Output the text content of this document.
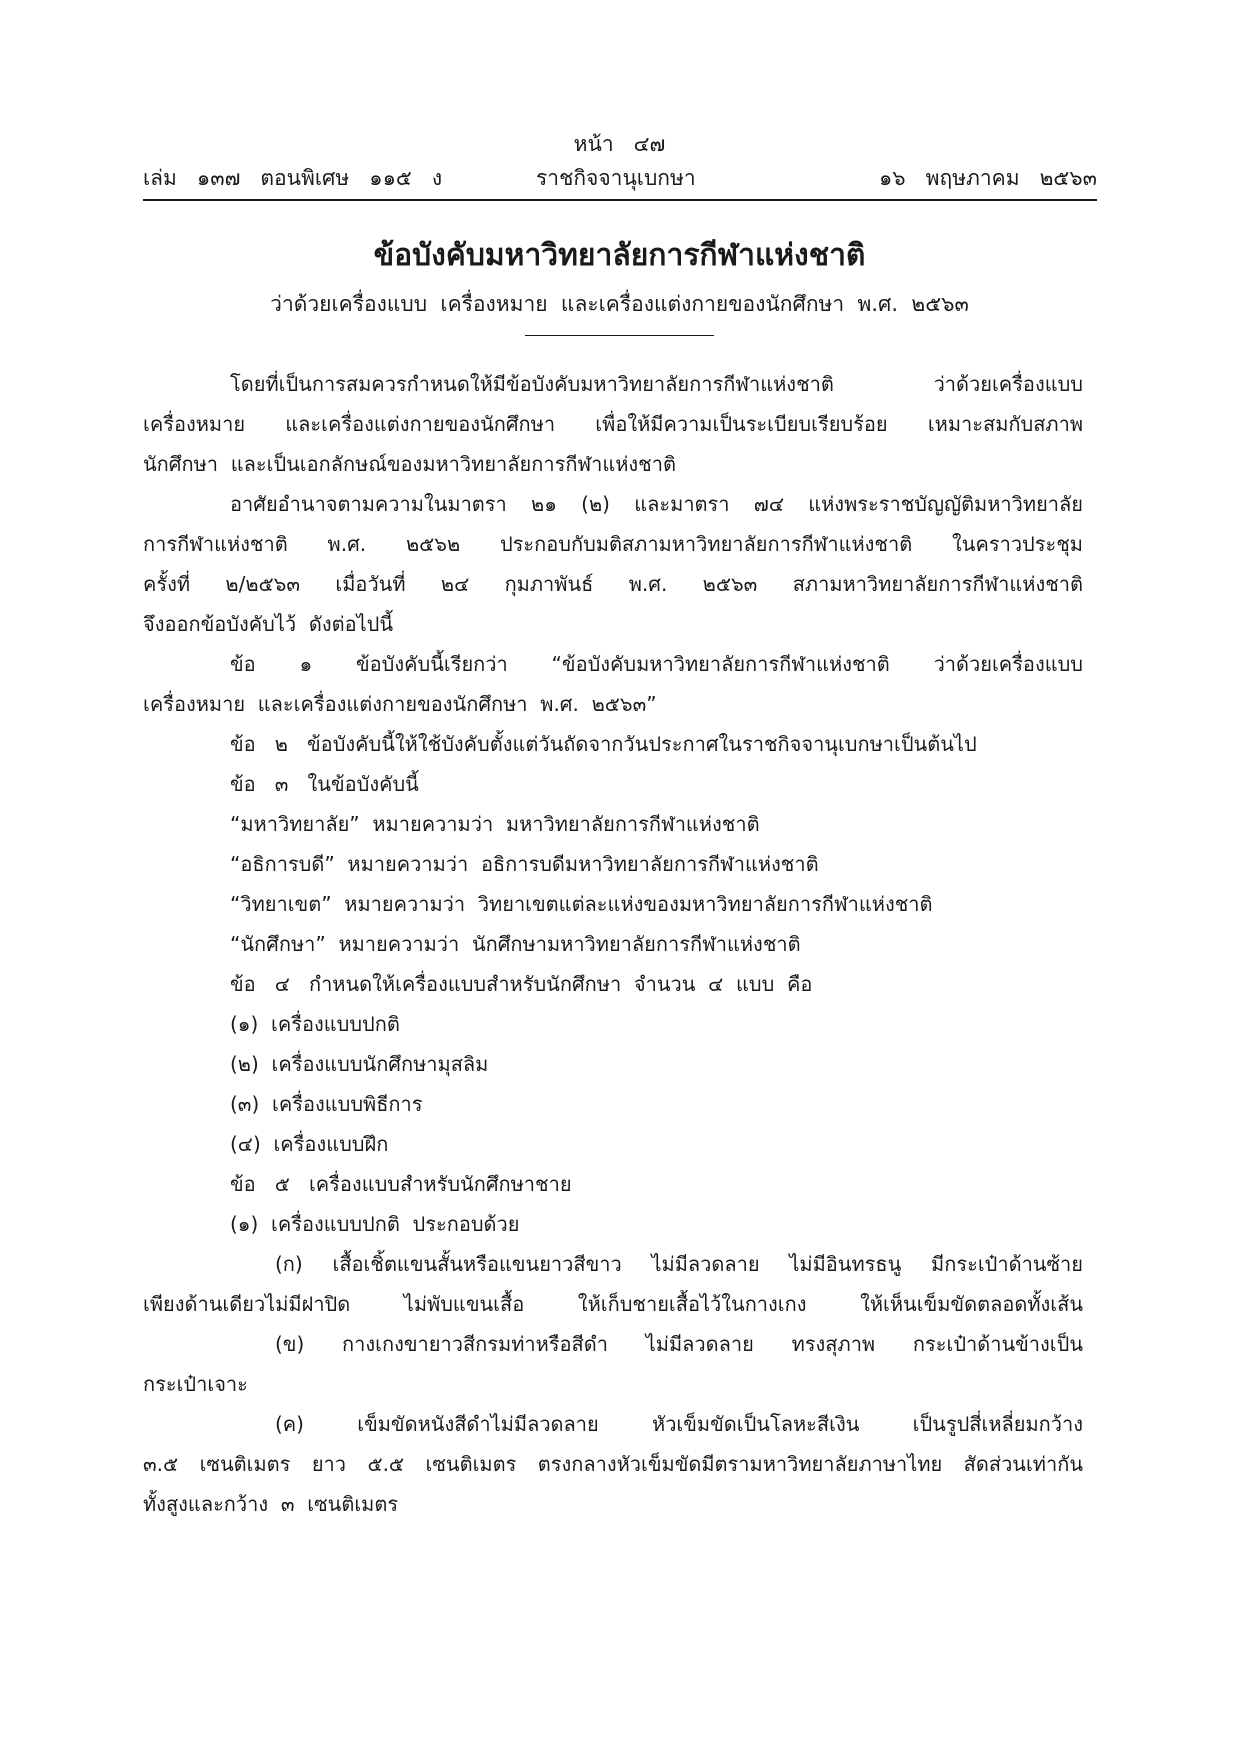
หน้า   ๔๗
เล่ม   ๑๓๗   ตอนพิเศษ   ๑๑๕   ง	ราชกิจจานุเบกษา	๑๖   พฤษภาคม   ๒๕๖๓
ข้อบังคับมหาวิทยาลัยการกีฬาแห่งชาติ
ว่าด้วยเครื่องแบบ  เครื่องหมาย  และเครื่องแต่งกายของนักศึกษา  พ.ศ.  ๒๕๖๓
โดยที่เป็นการสมควรกำหนดให้มีข้อบังคับมหาวิทยาลัยการกีฬาแห่งชาติ ว่าด้วยเครื่องแบบ
เครื่องหมาย และเครื่องแต่งกายของนักศึกษา เพื่อให้มีความเป็นระเบียบเรียบร้อย เหมาะสมกับสภาพ
นักศึกษา  และเป็นเอกลักษณ์ของมหาวิทยาลัยการกีฬาแห่งชาติ
อาศัยอำนาจตามความในมาตรา ๒๑ (๒) และมาตรา ๗๔ แห่งพระราชบัญญัติมหาวิทยาลัย
การกีฬาแห่งชาติ พ.ศ. ๒๕๖๒ ประกอบกับมติสภามหาวิทยาลัยการกีฬาแห่งชาติ ในคราวประชุม
ครั้งที่ ๒/๒๕๖๓ เมื่อวันที่ ๒๔ กุมภาพันธ์ พ.ศ. ๒๕๖๓ สภามหาวิทยาลัยการกีฬาแห่งชาติ
จึงออกข้อบังคับไว้  ดังต่อไปนี้
ข้อ ๑ ข้อบังคับนี้เรียกว่า “ข้อบังคับมหาวิทยาลัยการกีฬาแห่งชาติ ว่าด้วยเครื่องแบบ
เครื่องหมาย  และเครื่องแต่งกายของนักศึกษา  พ.ศ.  ๒๕๖๓”
ข้อ   ๒   ข้อบังคับนี้ให้ใช้บังคับตั้งแต่วันถัดจากวันประกาศในราชกิจจานุเบกษาเป็นต้นไป
ข้อ   ๓   ในข้อบังคับนี้
“มหาวิทยาลัย”  หมายความว่า  มหาวิทยาลัยการกีฬาแห่งชาติ
“อธิการบดี”  หมายความว่า  อธิการบดีมหาวิทยาลัยการกีฬาแห่งชาติ
“วิทยาเขต”  หมายความว่า  วิทยาเขตแต่ละแห่งของมหาวิทยาลัยการกีฬาแห่งชาติ
“นักศึกษา”  หมายความว่า  นักศึกษามหาวิทยาลัยการกีฬาแห่งชาติ
ข้อ   ๔   กำหนดให้เครื่องแบบสำหรับนักศึกษา  จำนวน  ๔  แบบ  คือ
(๑)  เครื่องแบบปกติ
(๒)  เครื่องแบบนักศึกษามุสลิม
(๓)  เครื่องแบบพิธีการ
(๔)  เครื่องแบบฝึก
ข้อ   ๕   เครื่องแบบสำหรับนักศึกษาชาย
(๑)  เครื่องแบบปกติ  ประกอบด้วย
(ก) เสื้อเชิ้ตแขนสั้นหรือแขนยาวสีขาว ไม่มีลวดลาย ไม่มีอินทรธนู มีกระเป๋าด้านซ้าย
เพียงด้านเดียวไม่มีฝาปิด ไม่พับแขนเสื้อ ให้เก็บชายเสื้อไว้ในกางเกง ให้เห็นเข็มขัดตลอดทั้งเส้น
(ข) กางเกงขายาวสีกรมท่าหรือสีดำ ไม่มีลวดลาย ทรงสุภาพ กระเป๋าด้านข้างเป็น
กระเป๋าเจาะ
(ค) เข็มขัดหนังสีดำไม่มีลวดลาย หัวเข็มขัดเป็นโลหะสีเงิน เป็นรูปสี่เหลี่ยมกว้าง
๓.๕ เซนติเมตร ยาว ๕.๕ เซนติเมตร ตรงกลางหัวเข็มขัดมีตรามหาวิทยาลัยภาษาไทย สัดส่วนเท่ากัน
ทั้งสูงและกว้าง  ๓  เซนติเมตร
